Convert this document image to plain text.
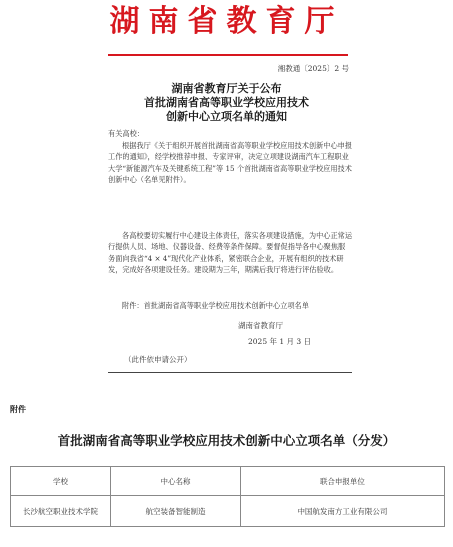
湖南省教育厅
湘教通〔2025〕2 号
湖南省教育厅关于公布
首批湖南省高等职业学校应用技术
创新中心立项名单的通知
有关高校：
根据我厅《关于组织开展首批湖南省高等职业学校应用技术创新中心申报工作的通知》，经学校推荐申报、专家评审，决定立项建设湖南汽车工程职业大学“新能源汽车及关键系统工程”等 15 个首批湖南省高等职业学校应用技术创新中心（名单见附件）。
各高校要切实履行中心建设主体责任，落实各项建设措施，为中心正常运行提供人员、场地、仪器设备、经费等条件保障。要督促指导各中心聚焦服务面向我省“4 × 4”现代化产业体系，紧密联合企业，开展有组织的技术研发，完成好各项建设任务。建设期为三年，期满后我厅将进行评估验收。
附件：首批湖南省高等职业学校应用技术创新中心立项名单
湖南省教育厅
2025 年 1 月 3 日
（此件依申请公开）
附件
首批湖南省高等职业学校应用技术创新中心立项名单（分发）
学校	中心名称	联合申报单位
长沙航空职业技术学院	航空装备智能制造	中国航发南方工业有限公司
